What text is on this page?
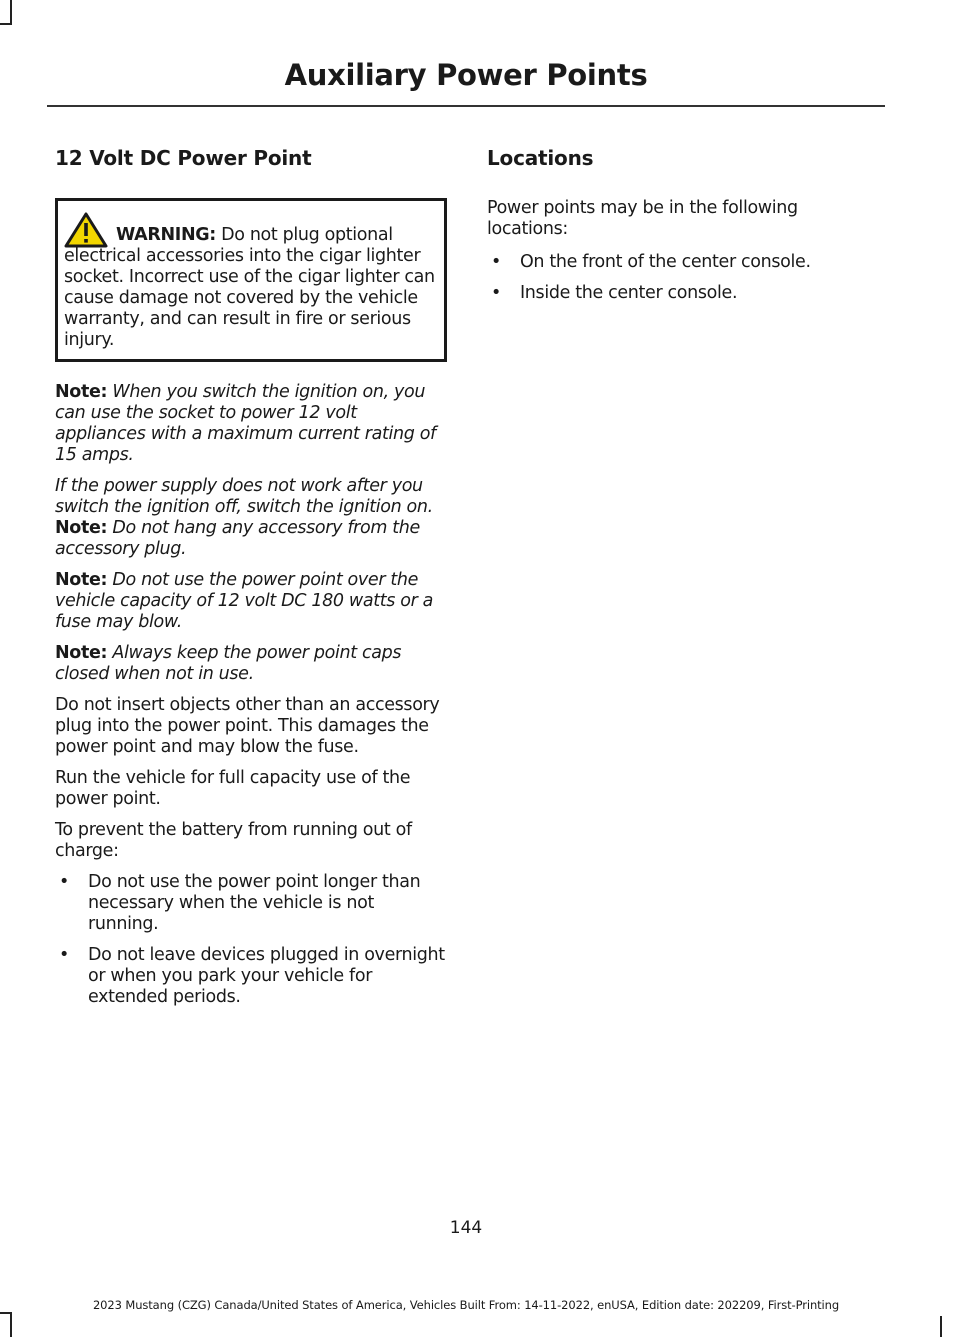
Auxiliary Power Points
12 Volt DC Power Point
WARNING: Do not plug optional electrical accessories into the cigar lighter socket. Incorrect use of the cigar lighter can cause damage not covered by the vehicle warranty, and can result in fire or serious injury.

Note: When you switch the ignition on, you can use the socket to power 12 volt appliances with a maximum current rating of 15 amps.

If the power supply does not work after you switch the ignition off, switch the ignition on.

Note: Do not hang any accessory from the accessory plug.

Note: Do not use the power point over the vehicle capacity of 12 volt DC 180 watts or a fuse may blow.

Note: Always keep the power point caps closed when not in use.

Do not insert objects other than an accessory plug into the power point. This damages the power point and may blow the fuse.

Run the vehicle for full capacity use of the power point.

To prevent the battery from running out of charge:

• Do not use the power point longer than necessary when the vehicle is not running.
• Do not leave devices plugged in overnight or when you park your vehicle for extended periods.
Locations

Power points may be in the following locations:

• On the front of the center console.
• Inside the center console.
144
2023 Mustang (CZG) Canada/United States of America, Vehicles Built From: 14-11-2022, enUSA, Edition date: 202209, First-Printing
